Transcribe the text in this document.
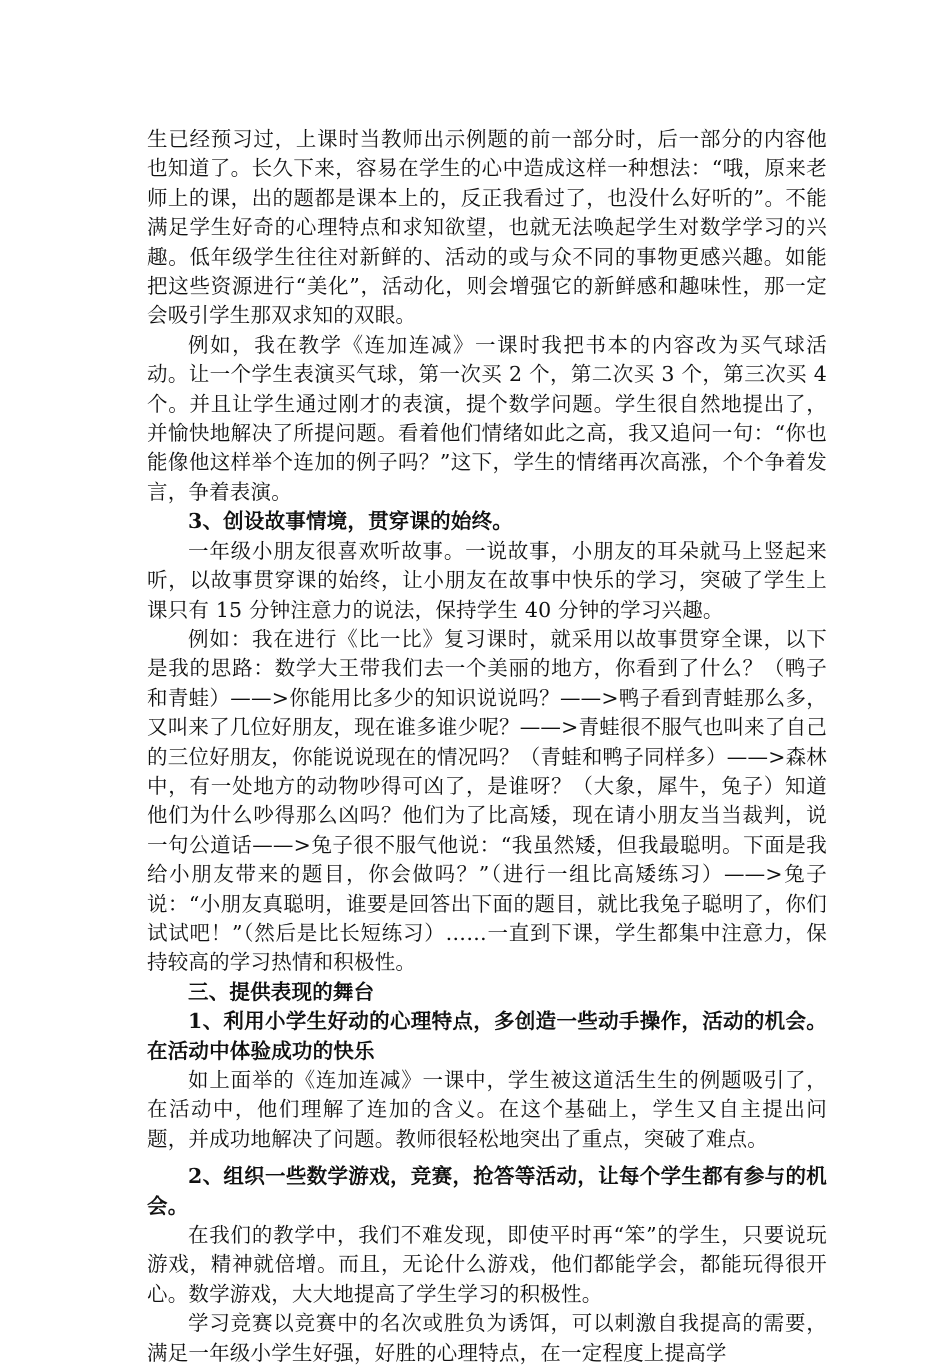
生已经预习过，上课时当教师出示例题的前一部分时，后一部分的内容他也知道了。长久下来，容易在学生的心中造成这样一种想法：“哦，原来老师上的课，出的题都是课本上的，反正我看过了，也没什么好听的”。不能满足学生好奇的心理特点和求知欲望，也就无法唤起学生对数学学习的兴趣。低年级学生往往对新鲜的、活动的或与众不同的事物更感兴趣。如能把这些资源进行“美化”，活动化，则会增强它的新鲜感和趣味性，那一定会吸引学生那双求知的双眼。

例如，我在教学《连加连减》一课时我把书本的内容改为买气球活动。让一个学生表演买气球，第一次买 2 个，第二次买 3 个，第三次买 4 个。并且让学生通过刚才的表演，提个数学问题。学生很自然地提出了，并愉快地解决了所提问题。看着他们情绪如此之高，我又追问一句：“你也能像他这样举个连加的例子吗？”这下，学生的情绪再次高涨，个个争着发言，争着表演。

3、创设故事情境，贯穿课的始终。

一年级小朋友很喜欢听故事。一说故事，小朋友的耳朵就马上竖起来听，以故事贯穿课的始终，让小朋友在故事中快乐的学习，突破了学生上课只有 15 分钟注意力的说法，保持学生 40 分钟的学习兴趣。

例如：我在进行《比一比》复习课时，就采用以故事贯穿全课，以下是我的思路：数学大王带我们去一个美丽的地方，你看到了什么？（鸭子和青蛙）——>你能用比多少的知识说说吗？——>鸭子看到青蛙那么多，又叫来了几位好朋友，现在谁多谁少呢？——>青蛙很不服气也叫来了自己的三位好朋友，你能说说现在的情况吗？（青蛙和鸭子同样多）——>森林中，有一处地方的动物吵得可凶了，是谁呀？（大象，犀牛，兔子）知道他们为什么吵得那么凶吗？他们为了比高矮，现在请小朋友当当裁判，说一句公道话——>兔子很不服气他说：“我虽然矮，但我最聪明。下面是我给小朋友带来的题目，你会做吗？”（进行一组比高矮练习）——>兔子说：“小朋友真聪明，谁要是回答出下面的题目，就比我兔子聪明了，你们试试吧！”（然后是比长短练习）……一直到下课，学生都集中注意力，保持较高的学习热情和积极性。

三、提供表现的舞台

1、利用小学生好动的心理特点，多创造一些动手操作，活动的机会。在活动中体验成功的快乐

如上面举的《连加连减》一课中，学生被这道活生生的例题吸引了，在活动中，他们理解了连加的含义。在这个基础上，学生又自主提出问题，并成功地解决了问题。教师很轻松地突出了重点，突破了难点。

2、组织一些数学游戏，竞赛，抢答等活动，让每个学生都有参与的机会。

在我们的教学中，我们不难发现，即使平时再“笨”的学生，只要说玩游戏，精神就倍增。而且，无论什么游戏，他们都能学会，都能玩得很开心。数学游戏，大大地提高了学生学习的积极性。

学习竞赛以竞赛中的名次或胜负为诱饵，可以刺激自我提高的需要，满足一年级小学生好强，好胜的心理特点，在一定程度上提高学
